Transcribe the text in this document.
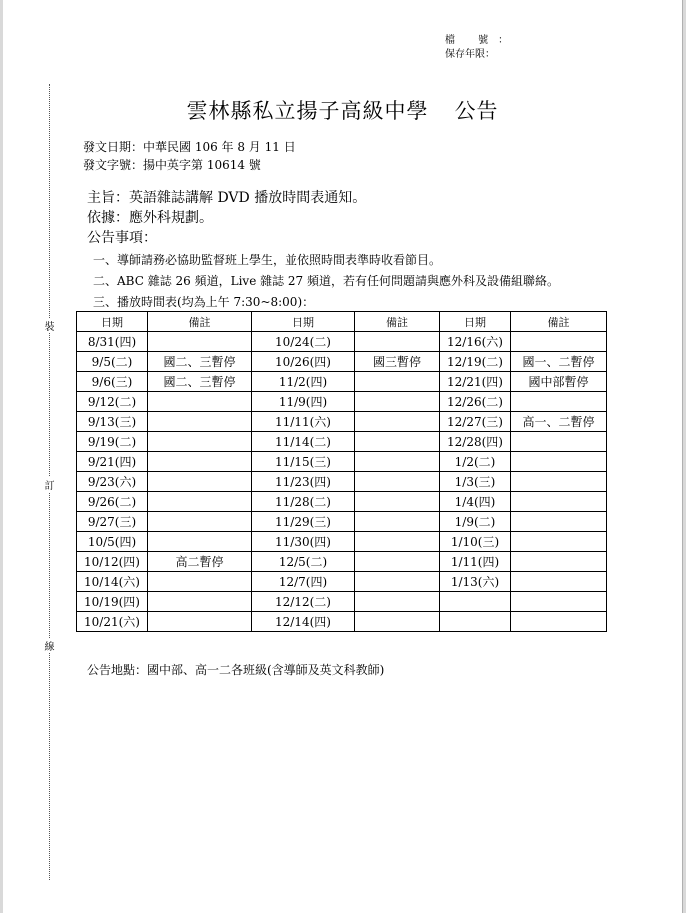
檔 號：
保存年限：
雲林縣私立揚子高級中學 公告
發文日期：中華民國 106 年 8 月 11 日
發文字號：揚中英字第 10614 號
主旨：英語雜誌講解 DVD 播放時間表通知。
依據：應外科規劃。
公告事項：
一、導師請務必協助監督班上學生，並依照時間表準時收看節目。
二、ABC 雜誌 26 頻道，Live 雜誌 27 頻道，若有任何問題請與應外科及設備組聯絡。
三、播放時間表(均為上午 7:30~8:00)：
日期	備註	日期	備註	日期	備註
8/31(四)		10/24(二)		12/16(六)	
9/5(二)	國二、三暫停	10/26(四)	國三暫停	12/19(二)	國一、二暫停
9/6(三)	國二、三暫停	11/2(四)		12/21(四)	國中部暫停
9/12(二)		11/9(四)		12/26(二)	
9/13(三)		11/11(六)		12/27(三)	高一、二暫停
9/19(二)		11/14(二)		12/28(四)	
9/21(四)		11/15(三)		1/2(二)	
9/23(六)		11/23(四)		1/3(三)	
9/26(二)		11/28(二)		1/4(四)	
9/27(三)		11/29(三)		1/9(二)	
10/5(四)		11/30(四)		1/10(三)	
10/12(四)	高二暫停	12/5(二)		1/11(四)	
10/14(六)		12/7(四)		1/13(六)	
10/19(四)		12/12(二)			
10/21(六)		12/14(四)			
公告地點：國中部、高一二各班級(含導師及英文科教師)
裝
訂
線
